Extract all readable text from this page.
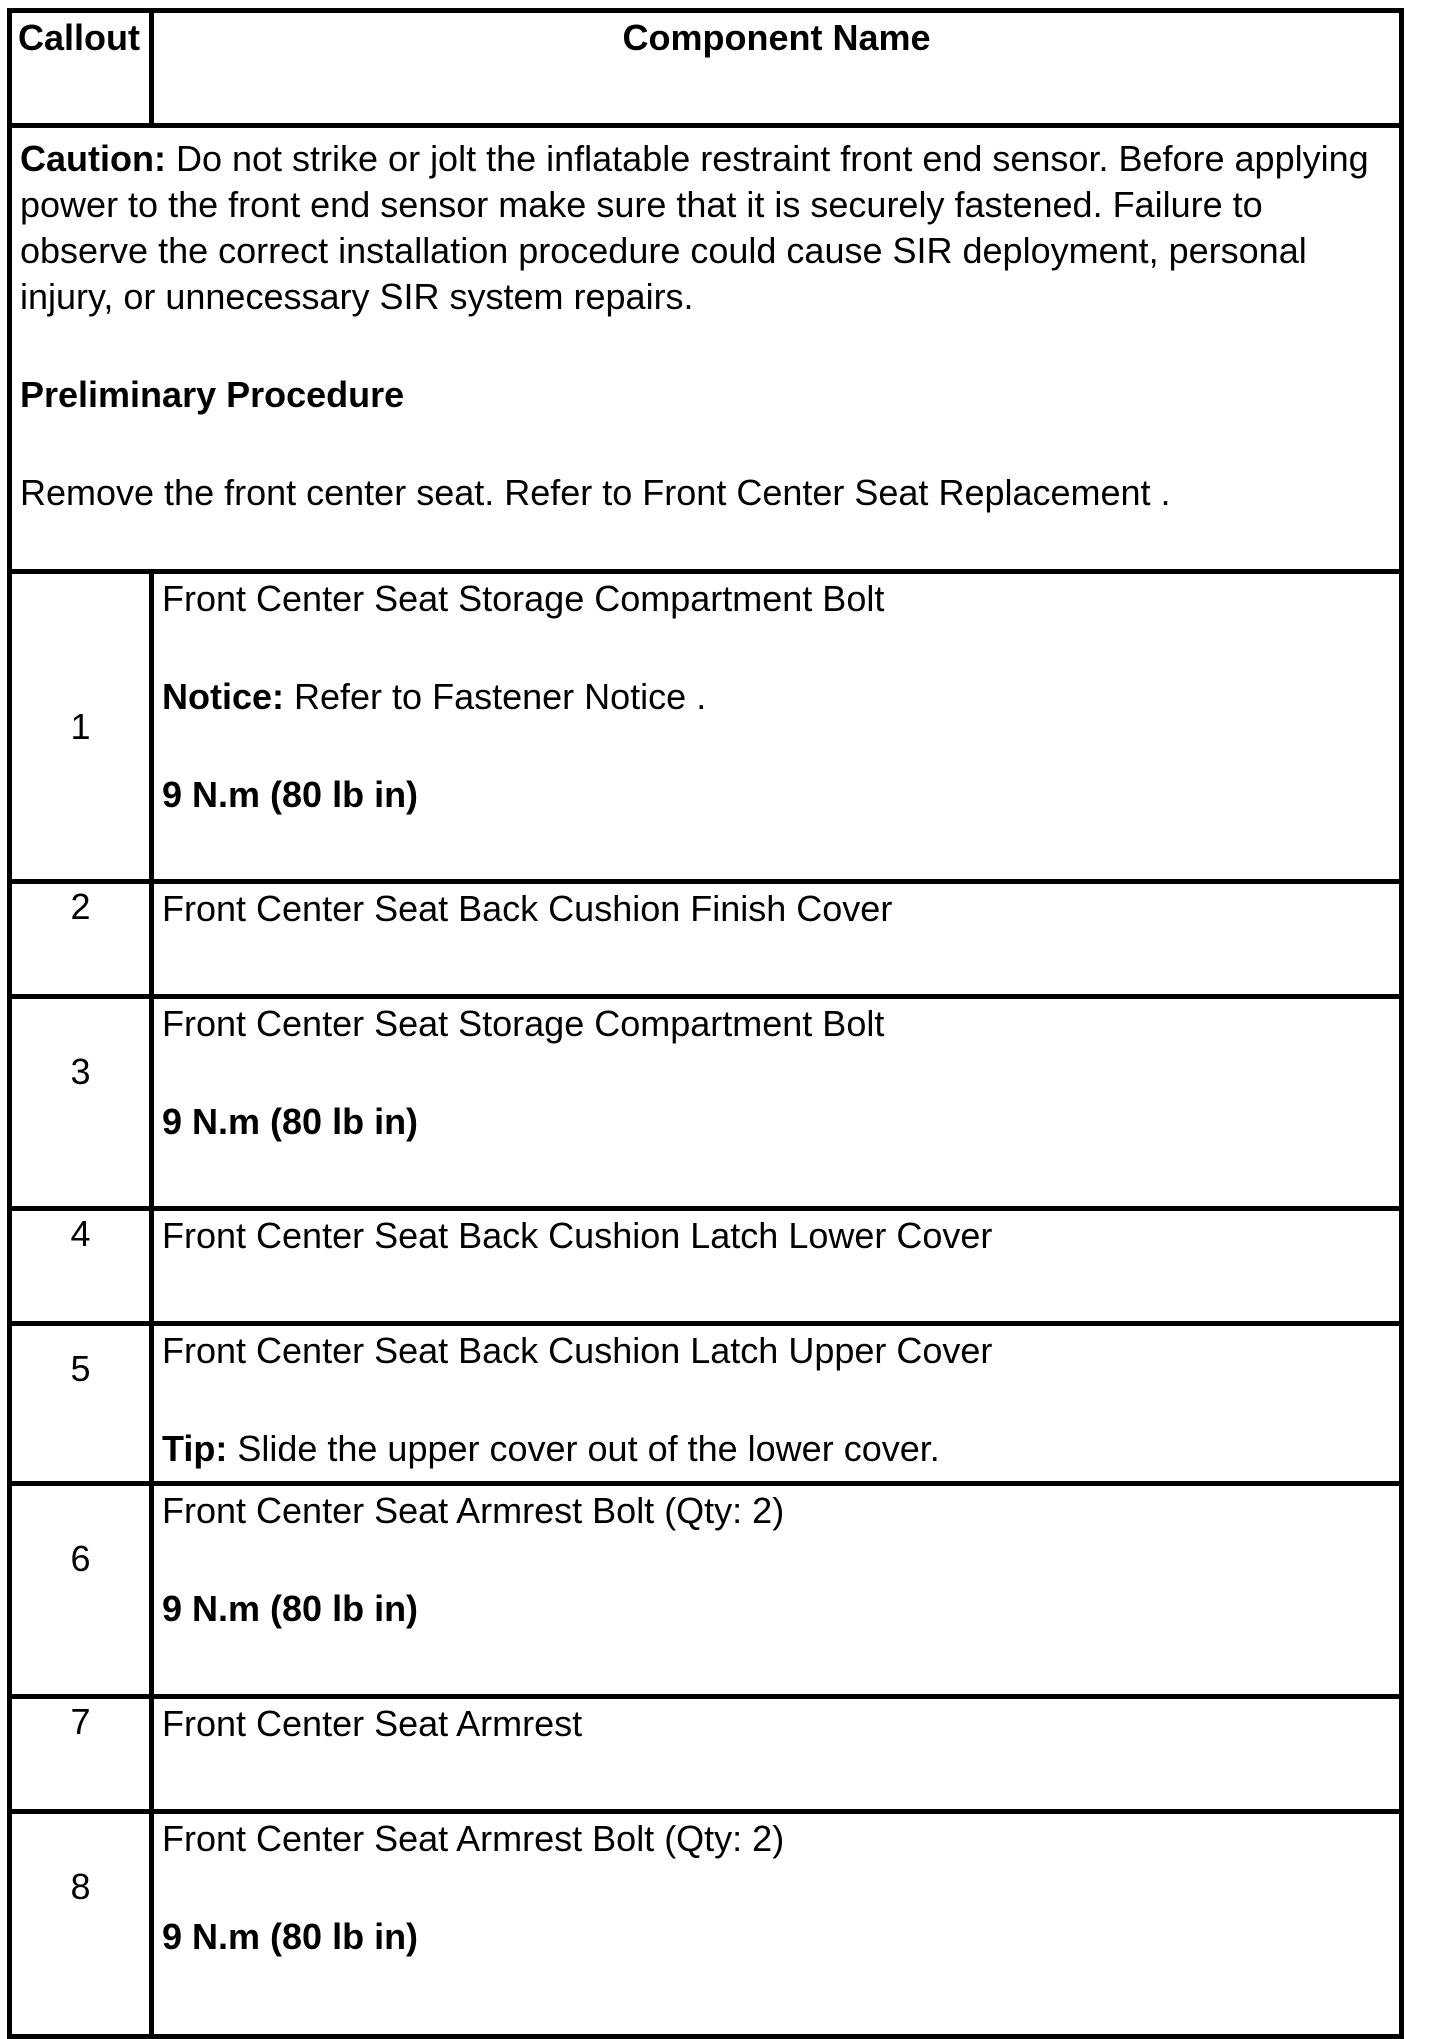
Callout	Component Name

Caution: Do not strike or jolt the inflatable restraint front end sensor. Before applying power to the front end sensor make sure that it is securely fastened. Failure to observe the correct installation procedure could cause SIR deployment, personal injury, or unnecessary SIR system repairs.

Preliminary Procedure

Remove the front center seat. Refer to Front Center Seat Replacement .	

1	Front Center Seat Storage Compartment Bolt

Notice: Refer to Fastener Notice .

9 N.m (80 lb in)

2	Front Center Seat Back Cushion Finish Cover

3	Front Center Seat Storage Compartment Bolt

9 N.m (80 lb in)

4	Front Center Seat Back Cushion Latch Lower Cover

5	Front Center Seat Back Cushion Latch Upper Cover

Tip: Slide the upper cover out of the lower cover.

6	Front Center Seat Armrest Bolt (Qty: 2)

9 N.m (80 lb in)

7	Front Center Seat Armrest

8	Front Center Seat Armrest Bolt (Qty: 2)

9 N.m (80 lb in)
